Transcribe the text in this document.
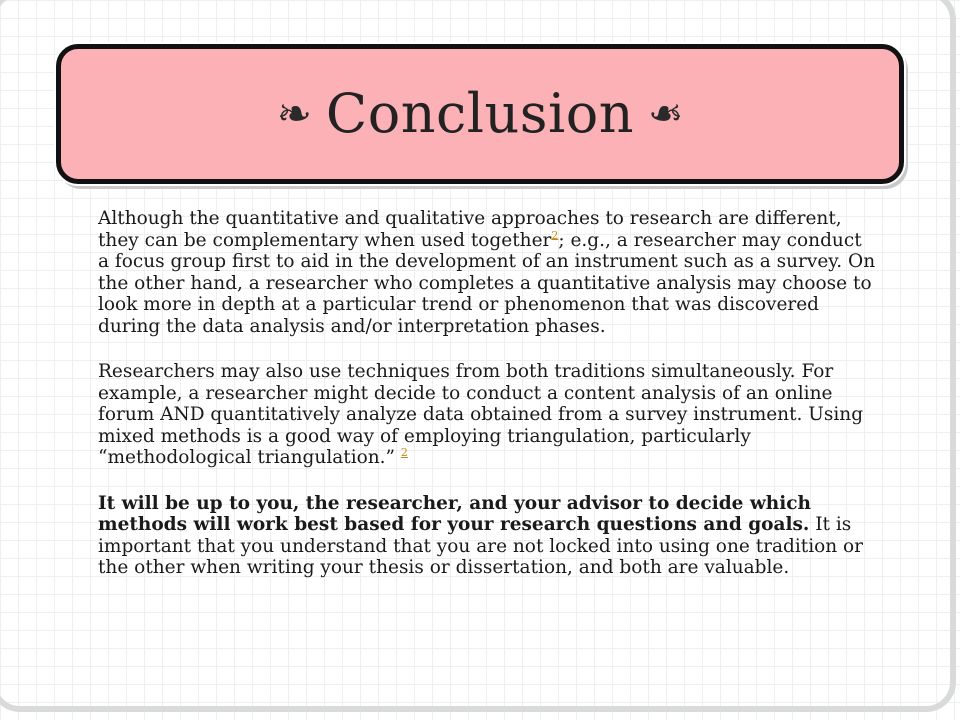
❧ Conclusion ❧

Although the quantitative and qualitative approaches to research are different, they can be complementary when used together$^2$; e.g., a researcher may conduct a focus group first to aid in the development of an instrument such as a survey. On the other hand, a researcher who completes a quantitative analysis may choose to look more in depth at a particular trend or phenomenon that was discovered during the data analysis and/or interpretation phases.

Researchers may also use techniques from both traditions simultaneously. For example, a researcher might decide to conduct a content analysis of an online forum AND quantitatively analyze data obtained from a survey instrument. Using mixed methods is a good way of employing triangulation, particularly “methodological triangulation.” $^2$

It will be up to you, the researcher, and your advisor to decide which methods will work best based for your research questions and goals. It is important that you understand that you are not locked into using one tradition or the other when writing your thesis or dissertation, and both are valuable.
